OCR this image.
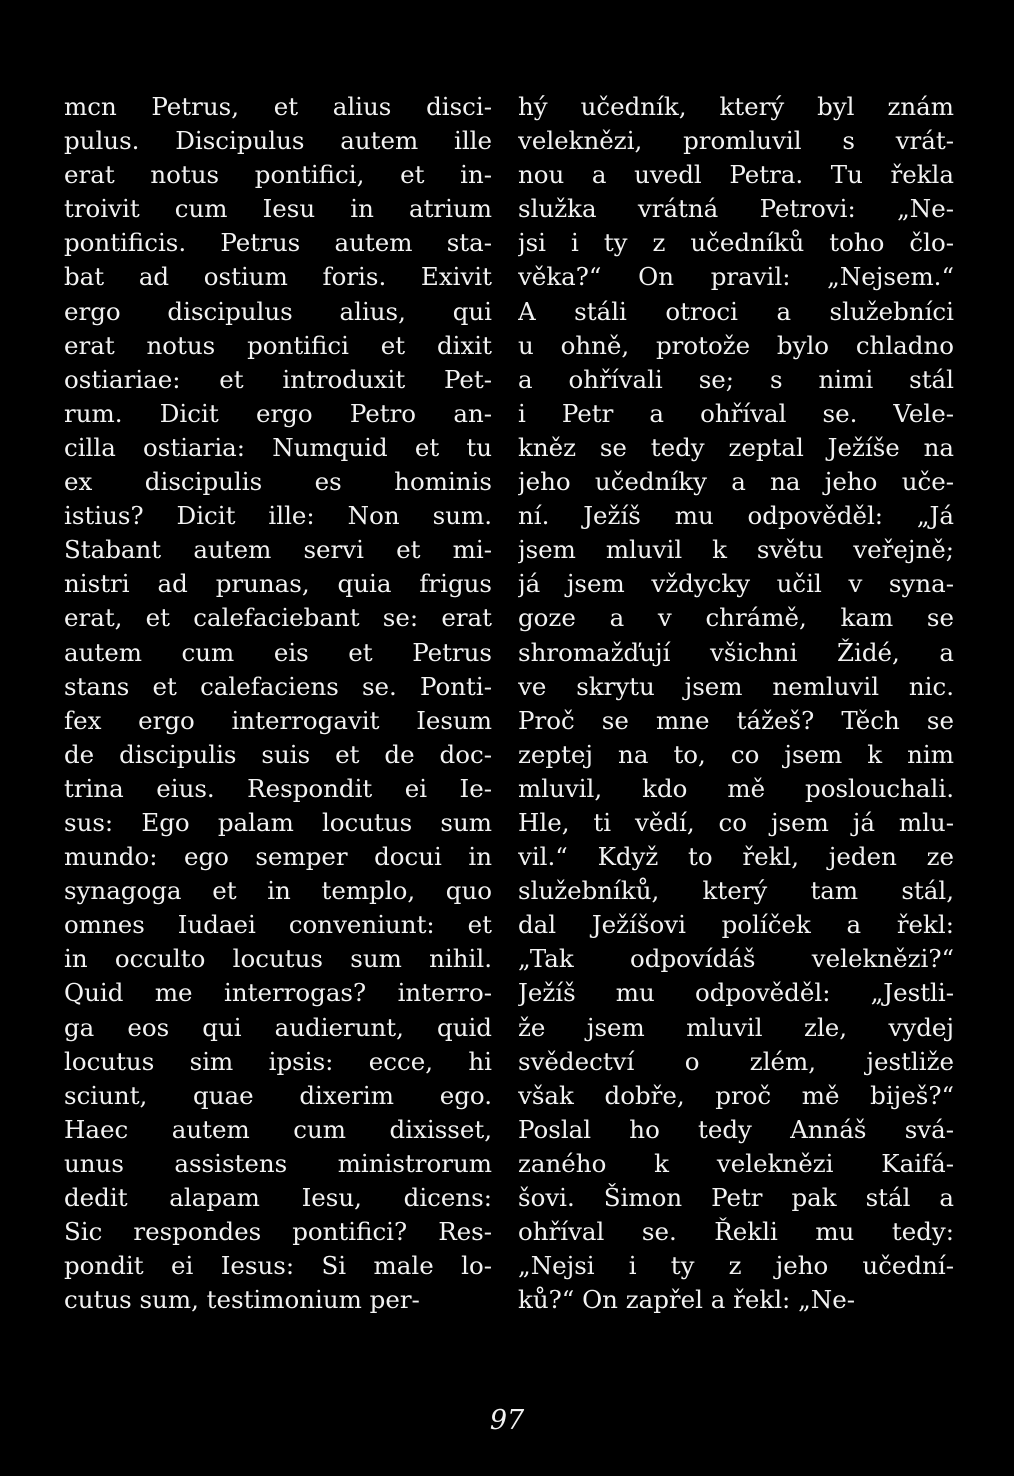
mcn Petrus, et alius disci-
pulus. Discipulus autem ille
erat notus pontifici, et in-
troivit cum Iesu in atrium
pontificis. Petrus autem sta-
bat ad ostium foris. Exivit
ergo discipulus alius, qui
erat notus pontifici et dixit
ostiariae: et introduxit Pet-
rum. Dicit ergo Petro an-
cilla ostiaria: Numquid et tu
ex discipulis es hominis
istius? Dicit ille: Non sum.
Stabant autem servi et mi-
nistri ad prunas, quia frigus
erat, et calefaciebant se: erat
autem cum eis et Petrus
stans et calefaciens se. Ponti-
fex ergo interrogavit Iesum
de discipulis suis et de doc-
trina eius. Respondit ei Ie-
sus: Ego palam locutus sum
mundo: ego semper docui in
synagoga et in templo, quo
omnes Iudaei conveniunt: et
in occulto locutus sum nihil.
Quid me interrogas? interro-
ga eos qui audierunt, quid
locutus sim ipsis: ecce, hi
sciunt, quae dixerim ego.
Haec autem cum dixisset,
unus assistens ministrorum
dedit alapam Iesu, dicens:
Sic respondes pontifici? Res-
pondit ei Iesus: Si male lo-
cutus sum, testimonium per-
hý učedník, který byl znám
veleknězi, promluvil s vrát-
nou a uvedl Petra. Tu řekla
služka vrátná Petrovi: „Ne-
jsi i ty z učedníků toho člo-
věka?“ On pravil: „Nejsem.“
A stáli otroci a služebníci
u ohně, protože bylo chladno
a ohřívali se; s nimi stál
i Petr a ohříval se. Vele-
kněz se tedy zeptal Ježíše na
jeho učedníky a na jeho uče-
ní. Ježíš mu odpověděl: „Já
jsem mluvil k světu veřejně;
já jsem vždycky učil v syna-
goze a v chrámě, kam se
shromažďují všichni Židé, a
ve skrytu jsem nemluvil nic.
Proč se mne tážeš? Těch se
zeptej na to, co jsem k nim
mluvil, kdo mě poslouchali.
Hle, ti vědí, co jsem já mlu-
vil.“ Když to řekl, jeden ze
služebníků, který tam stál,
dal Ježíšovi políček a řekl:
„Tak odpovídáš veleknězi?“
Ježíš mu odpověděl: „Jestli-
že jsem mluvil zle, vydej
svědectví o zlém, jestliže
však dobře, proč mě biješ?“
Poslal ho tedy Annáš svá-
zaného k veleknězi Kaifá-
šovi. Šimon Petr pak stál a
ohříval se. Řekli mu tedy:
„Nejsi i ty z jeho učední-
ků?“ On zapřel a řekl: „Ne-
97
